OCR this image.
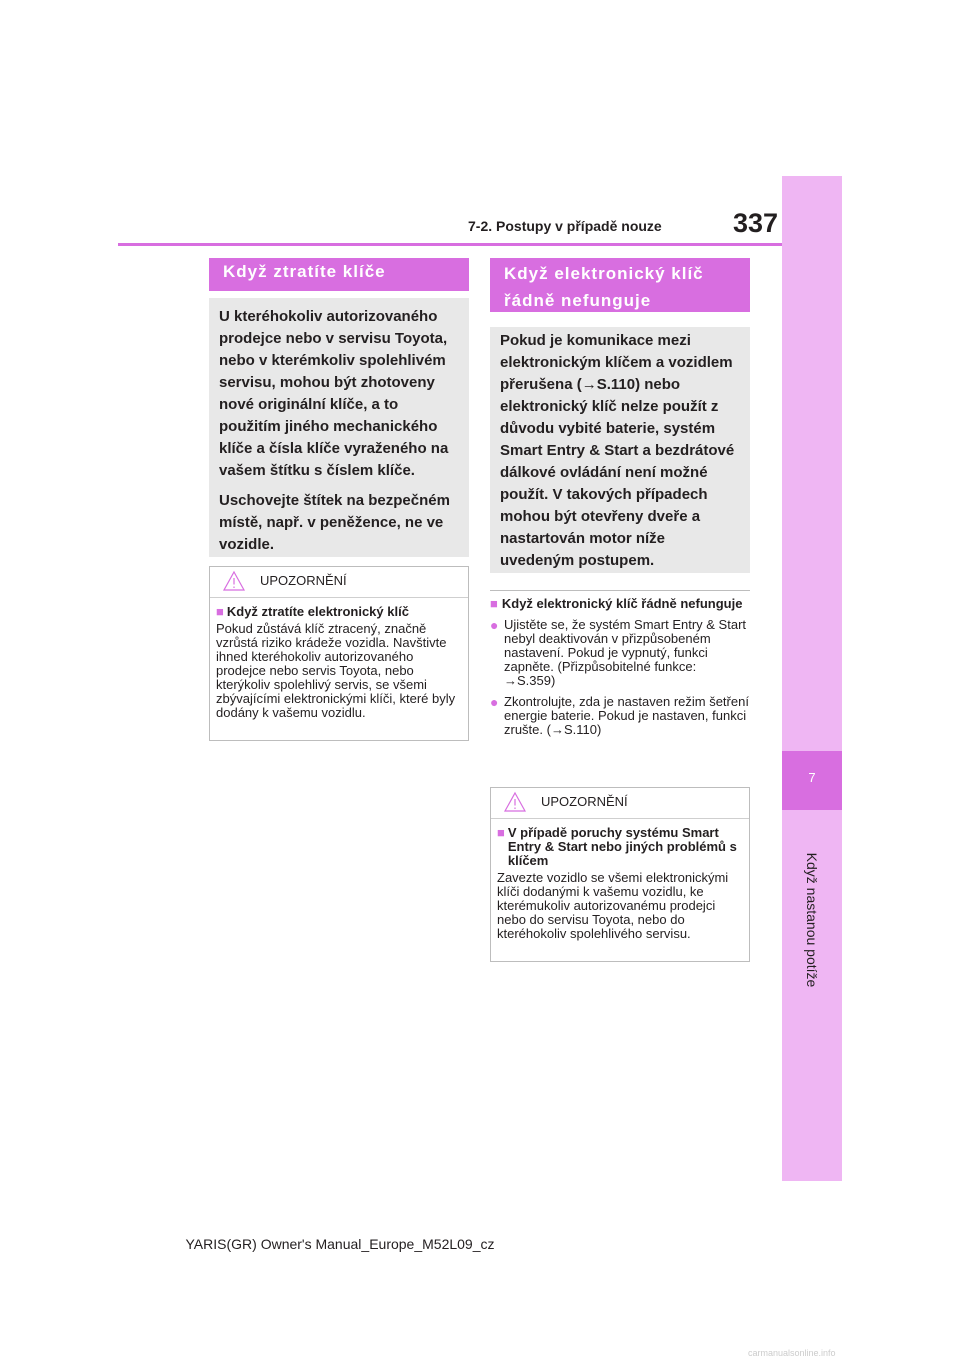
7-2. Postupy v případě nouze	337
7
Když nastanou potíže
Když ztratíte klíče

U kteréhokoliv autorizovaného prodejce nebo v servisu Toyota, nebo v kterémkoliv spolehlivém servisu, mohou být zhotoveny nové originální klíče, a to použitím jiného mechanického klíče a čísla klíče vyraženého na vašem štítku s číslem klíče.

Uschovejte štítek na bezpečném místě, např. v peněžence, ne ve vozidle.

UPOZORNĚNÍ
■ Když ztratíte elektronický klíč
Pokud zůstává klíč ztracený, značně vzrůstá riziko krádeže vozidla. Navštivte ihned kteréhokoliv autorizovaného prodejce nebo servis Toyota, nebo kterýkoliv spolehlivý servis, se všemi zbývajícími elektronickými klíči, které byly dodány k vašemu vozidlu.
Když elektronický klíč řádně nefunguje

Pokud je komunikace mezi elektronickým klíčem a vozidlem přerušena (→S.110) nebo elektronický klíč nelze použít z důvodu vybité baterie, systém Smart Entry & Start a bezdrátové dálkové ovládání není možné použít. V takových případech mohou být otevřeny dveře a nastartován motor níže uvedeným postupem.

■ Když elektronický klíč řádně nefunguje
● Ujistěte se, že systém Smart Entry & Start nebyl deaktivován v přizpůsobeném nastavení. Pokud je vypnutý, funkci zapněte. (Přizpůsobitelné funkce: →S.359)
● Zkontrolujte, zda je nastaven režim šetření energie baterie. Pokud je nastaven, funkci zrušte. (→S.110)
UPOZORNĚNÍ
■ V případě poruchy systému Smart Entry & Start nebo jiných problémů s klíčem
Zavezte vozidlo se všemi elektronickými klíči dodanými k vašemu vozidlu, ke kterémukoliv autorizovanému prodejci nebo do servisu Toyota, nebo do kteréhokoliv spolehlivého servisu.
YARIS(GR) Owner's Manual_Europe_M52L09_cz
carmanualsonline.info
